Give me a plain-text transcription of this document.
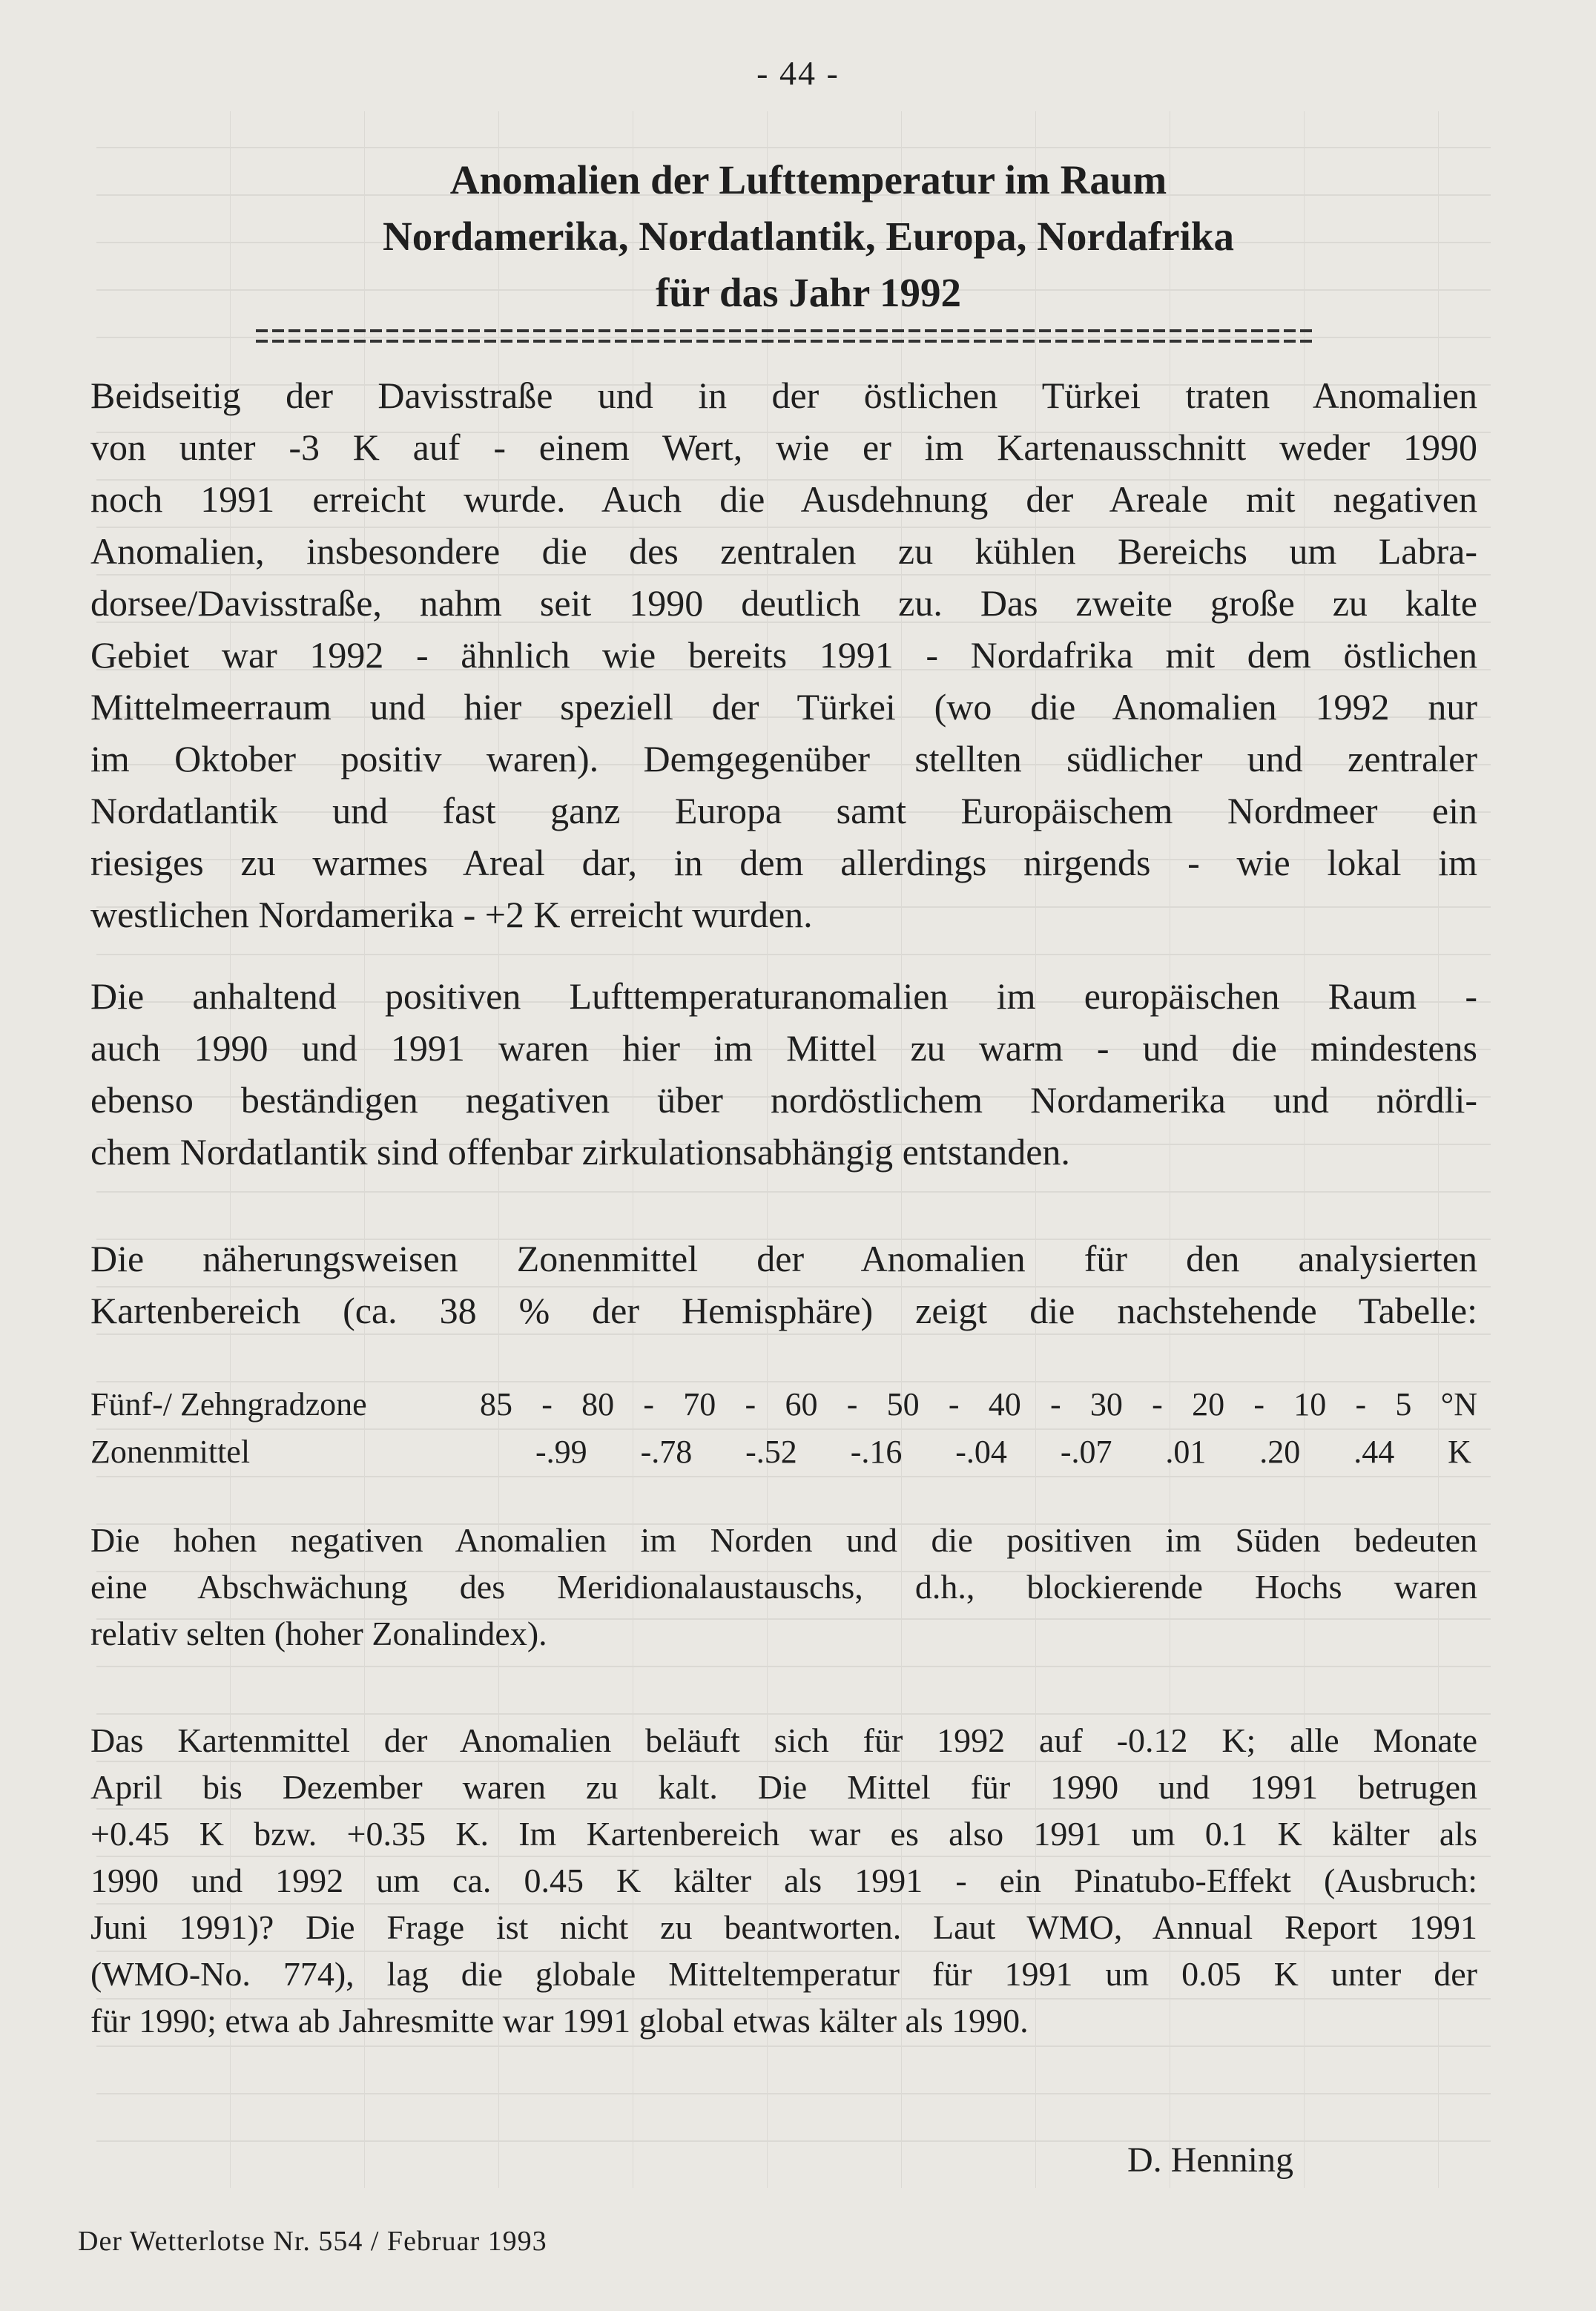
- 44 -
Anomalien der Lufttemperatur im Raum
Nordamerika, Nordatlantik, Europa, Nordafrika
für das Jahr 1992
Beidseitig der Davisstraße und in der östlichen Türkei traten Anomalien
von unter -3 K auf - einem Wert, wie er im Kartenausschnitt weder 1990
noch 1991 erreicht wurde. Auch die Ausdehnung der Areale mit negativen
Anomalien, insbesondere die des zentralen zu kühlen Bereichs um Labra-
dorsee/Davisstraße, nahm seit 1990 deutlich zu. Das zweite große zu kalte
Gebiet war 1992 - ähnlich wie bereits 1991 - Nordafrika mit dem östlichen
Mittelmeerraum und hier speziell der Türkei (wo die Anomalien 1992 nur
im Oktober positiv waren). Demgegenüber stellten südlicher und zentraler
Nordatlantik und fast ganz Europa samt Europäischem Nordmeer ein
riesiges zu warmes Areal dar, in dem allerdings nirgends - wie lokal im
westlichen Nordamerika - +2 K erreicht wurden.
Die anhaltend positiven Lufttemperaturanomalien im europäischen Raum -
auch 1990 und 1991 waren hier im Mittel zu warm - und die mindestens
ebenso beständigen negativen über nordöstlichem Nordamerika und nördli-
chem Nordatlantik sind offenbar zirkulationsabhängig entstanden.
Die näherungsweisen Zonenmittel der Anomalien für den analysierten
Kartenbereich (ca. 38 % der Hemisphäre) zeigt die nachstehende Tabelle:
Fünf-/ Zehngradzone	85 - 80 - 70 - 60 - 50 - 40 - 30 - 20 - 10 - 5 °N
Zonenmittel	-.99 -.78 -.52 -.16 -.04 -.07 .01 .20 .44 K
Die hohen negativen Anomalien im Norden und die positiven im Süden bedeuten
eine Abschwächung des Meridionalaustauschs, d.h., blockierende Hochs waren
relativ selten (hoher Zonalindex).
Das Kartenmittel der Anomalien beläuft sich für 1992 auf -0.12 K; alle Monate
April bis Dezember waren zu kalt. Die Mittel für 1990 und 1991 betrugen
+0.45 K bzw. +0.35 K. Im Kartenbereich war es also 1991 um 0.1 K kälter als
1990 und 1992 um ca. 0.45 K kälter als 1991 - ein Pinatubo-Effekt (Ausbruch:
Juni 1991)? Die Frage ist nicht zu beantworten. Laut WMO, Annual Report 1991
(WMO-No. 774), lag die globale Mitteltemperatur für 1991 um 0.05 K unter der
für 1990; etwa ab Jahresmitte war 1991 global etwas kälter als 1990.
D. Henning
Der Wetterlotse Nr. 554 / Februar 1993
